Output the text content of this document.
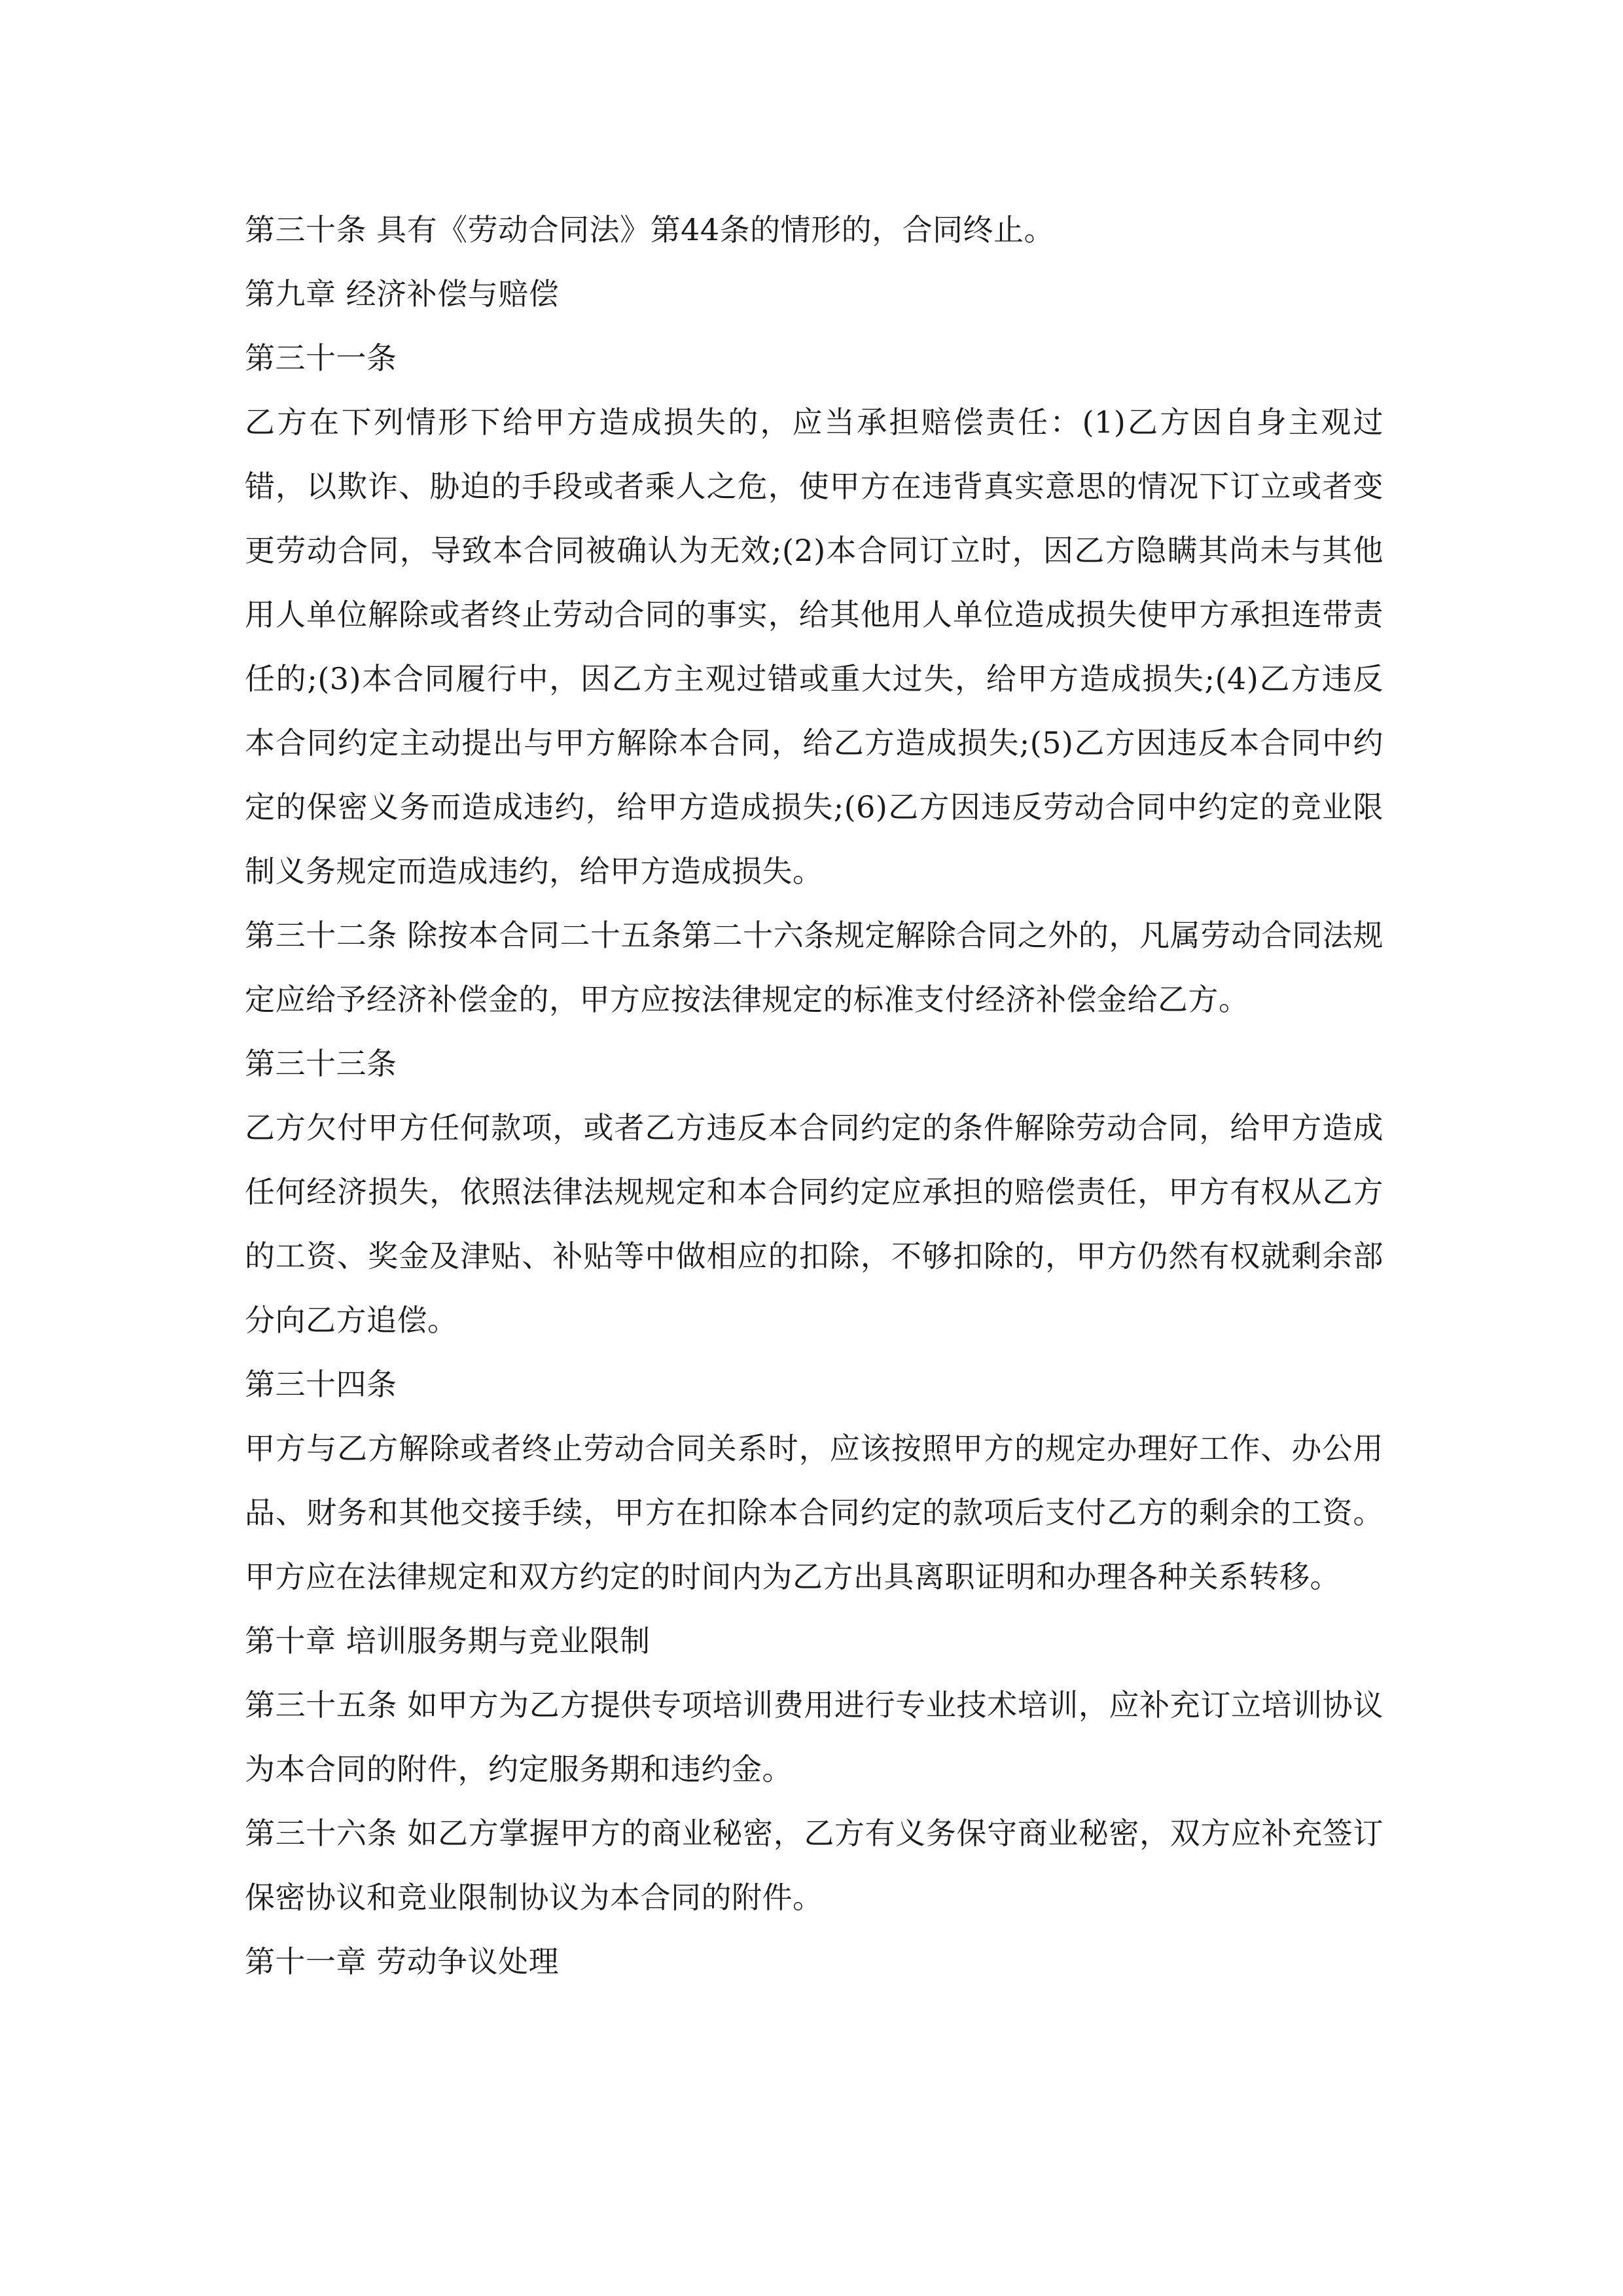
第三十条 具有《劳动合同法》第44条的情形的，合同终止。
第九章 经济补偿与赔偿
第三十一条
乙方在下列情形下给甲方造成损失的，应当承担赔偿责任：(1)乙方因自身主观过错，以欺诈、胁迫的手段或者乘人之危，使甲方在违背真实意思的情况下订立或者变更劳动合同，导致本合同被确认为无效;(2)本合同订立时，因乙方隐瞒其尚未与其他用人单位解除或者终止劳动合同的事实，给其他用人单位造成损失使甲方承担连带责任的;(3)本合同履行中，因乙方主观过错或重大过失，给甲方造成损失;(4)乙方违反本合同约定主动提出与甲方解除本合同，给乙方造成损失;(5)乙方因违反本合同中约定的保密义务而造成违约，给甲方造成损失;(6)乙方因违反劳动合同中约定的竞业限制义务规定而造成违约，给甲方造成损失。
第三十二条 除按本合同二十五条第二十六条规定解除合同之外的，凡属劳动合同法规定应给予经济补偿金的，甲方应按法律规定的标准支付经济补偿金给乙方。
第三十三条
乙方欠付甲方任何款项，或者乙方违反本合同约定的条件解除劳动合同，给甲方造成任何经济损失，依照法律法规规定和本合同约定应承担的赔偿责任，甲方有权从乙方的工资、奖金及津贴、补贴等中做相应的扣除，不够扣除的，甲方仍然有权就剩余部分向乙方追偿。
第三十四条
甲方与乙方解除或者终止劳动合同关系时，应该按照甲方的规定办理好工作、办公用品、财务和其他交接手续，甲方在扣除本合同约定的款项后支付乙方的剩余的工资。甲方应在法律规定和双方约定的时间内为乙方出具离职证明和办理各种关系转移。
第十章 培训服务期与竞业限制
第三十五条 如甲方为乙方提供专项培训费用进行专业技术培训，应补充订立培训协议为本合同的附件，约定服务期和违约金。
第三十六条 如乙方掌握甲方的商业秘密，乙方有义务保守商业秘密，双方应补充签订保密协议和竞业限制协议为本合同的附件。
第十一章 劳动争议处理
